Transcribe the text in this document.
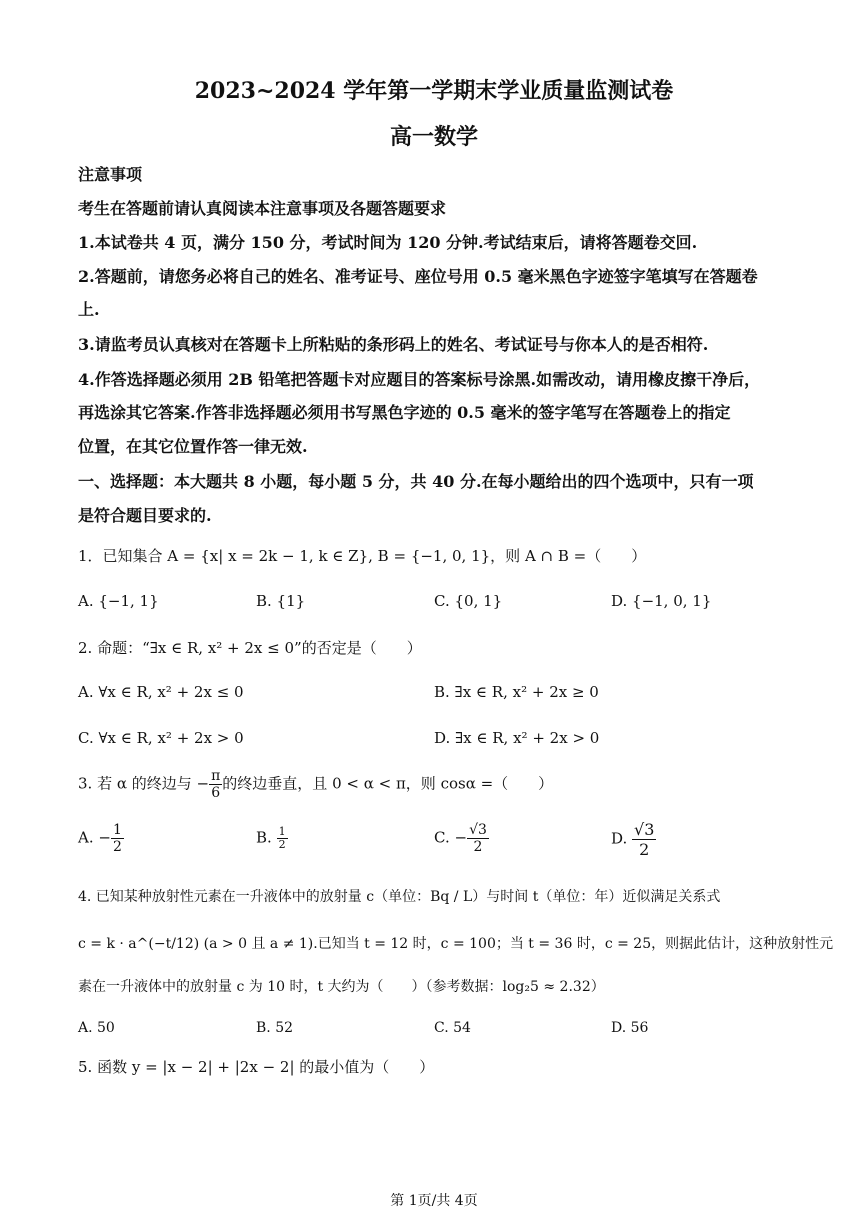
2023~2024 学年第一学期末学业质量监测试卷
高一数学
注意事项
考生在答题前请认真阅读本注意事项及各题答题要求
1.本试卷共 4 页，满分 150 分，考试时间为 120 分钟.考试结束后，请将答题卷交回.
2.答题前，请您务必将自己的姓名、准考证号、座位号用 0.5 毫米黑色字迹签字笔填写在答题卷
上.
3.请监考员认真核对在答题卡上所粘贴的条形码上的姓名、考试证号与你本人的是否相符.
4.作答选择题必须用 2B 铅笔把答题卡对应题目的答案标号涂黑.如需改动，请用橡皮擦干净后，
再选涂其它答案.作答非选择题必须用书写黑色字迹的 0.5 毫米的签字笔写在答题卷上的指定
位置，在其它位置作答一律无效.
一、选择题：本大题共 8 小题，每小题 5 分，共 40 分.在每小题给出的四个选项中，只有一项
是符合题目要求的.
1．已知集合 A = {x| x = 2k − 1, k ∈ Z}, B = {−1, 0, 1}，则 A ∩ B =（　　）
A. {−1, 1}	B. {1}	C. {0, 1}	D. {−1, 0, 1}
2. 命题：“∃x ∈ R, x² + 2x ≤ 0”的否定是（　　）
A. ∀x ∈ R, x² + 2x ≤ 0	B. ∃x ∈ R, x² + 2x ≥ 0
C. ∀x ∈ R, x² + 2x > 0	D. ∃x ∈ R, x² + 2x > 0
3. 若 α 的终边与 − $\frac{\pi}{6}$ 的终边垂直，且 0 < α < π，则 cosα =（　　）
A. − $\frac{1}{2}$	B. $\frac{1}{2}$	C. − $\frac{√3}{2}$	D. $\frac{√3}{2}$
4. 已知某种放射性元素在一升液体中的放射量 c（单位：Bq / L）与时间 t（单位：年）近似满足关系式
c = k · a^(−t/12) (a > 0 且 a ≠ 1).已知当 t = 12 时，c = 100；当 t = 36 时，c = 25，则据此估计，这种放射性元
素在一升液体中的放射量 c 为 10 时，t 大约为（　　）（参考数据：log₂5 ≈ 2.32）
A. 50	B. 52	C. 54	D. 56
5. 函数 y = |x − 2| + |2x − 2| 的最小值为（　　）
第 1页/共 4页
